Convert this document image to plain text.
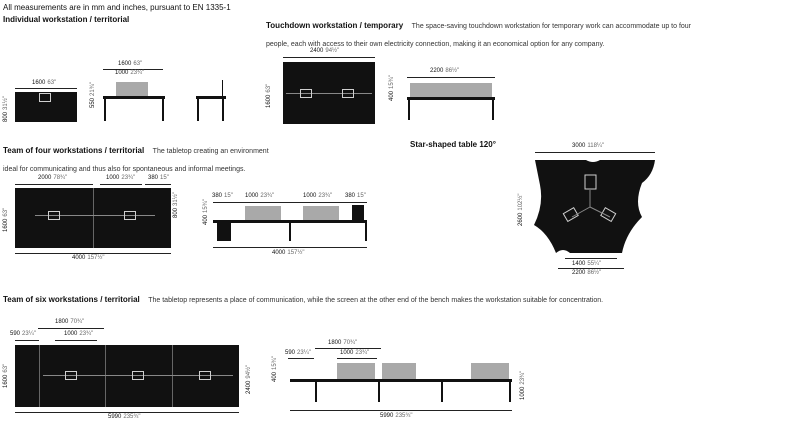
All measurements are in mm and inches, pursuant to EN 1335-1
Individual workstation / territorial
Touchdown workstation / temporary The space-saving touchdown workstation for temporary work can accommodate up to four
people, each with access to their own electricity connection, making it an economical option for any company.
1600 63"
80031½"
1600 63"
1000 23¾"
55021¾"
2400 94½"
160063"
2200 86½"
40015¾"
Team of four workstations / territorial The tabletop creating an environment
ideal for communicating and thus also for spontaneous and informal meetings.
2000 78¾"	1000 23¾" 380 15"
160063"	80031½"
4000 157½"
380 15" 1000 23¾"	1000 23¾" 380 15"
40015¾"
4000 157½"
Star-shaped table 120°	3000 118¼"
2600102½"
1400 55¼"
2200 86½"
Team of six workstations / territorial The tabletop represents a place of communication, while the screen at the other end of the bench makes the workstation suitable for concentration.
1800 70¾"
590 23¼"	1000 23¾"
160063"
240094½"
5990 235¾"
1800 70¾"
590 23¼"	1000 23¾"
40015¾"
100023¾"
5990 235¾"
